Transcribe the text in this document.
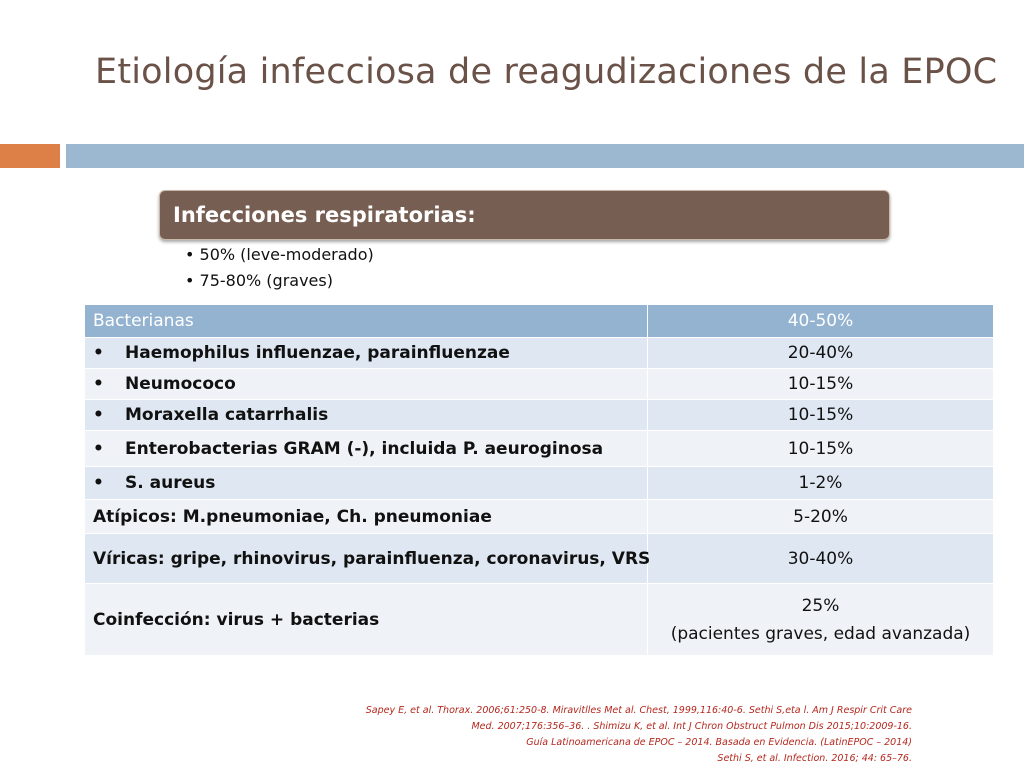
Etiología infecciosa de reagudizaciones de la EPOC
Infecciones respiratorias:
• 50% (leve-moderado)
• 75-80% (graves)
Bacterianas	40-50%
• Haemophilus influenzae, parainfluenzae	20-40%
• Neumococo	10-15%
• Moraxella catarrhalis	10-15%
• Enterobacterias GRAM (-), incluida P. aeuroginosa	10-15%
• S. aureus	1-2%
Atípicos: M.pneumoniae, Ch. pneumoniae	5-20%
Víricas: gripe, rhinovirus, parainfluenza, coronavirus, VRS	30-40%
Coinfección: virus + bacterias	25%
(pacientes graves, edad avanzada)
Sapey E, et al. Thorax. 2006;61:250-8. Miravitlles Met al. Chest, 1999,116:40-6. Sethi S,eta l. Am J Respir Crit Care
Med. 2007;176:356–36. . Shimizu K, et al. Int J Chron Obstruct Pulmon Dis 2015;10:2009-16.
Guía Latinoamericana de EPOC – 2014. Basada en Evidencia. (LatinEPOC – 2014)
Sethi S, et al. Infection. 2016; 44: 65–76.
